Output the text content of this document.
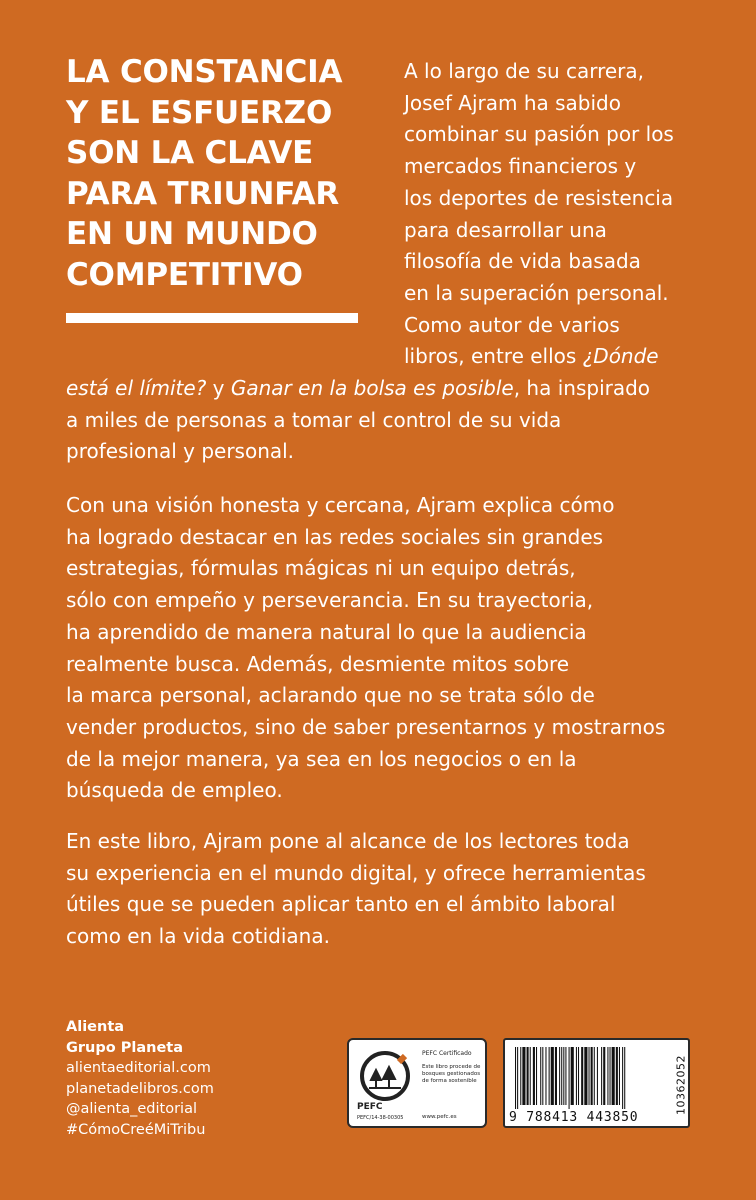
LA CONSTANCIA
Y EL ESFUERZO
SON LA CLAVE
PARA TRIUNFAR
EN UN MUNDO
COMPETITIVO
A lo largo de su carrera,
Josef Ajram ha sabido
combinar su pasión por los
mercados financieros y
los deportes de resistencia
para desarrollar una
filosofía de vida basada
en la superación personal.
Como autor de varios
libros, entre ellos ¿Dónde
está el límite? y Ganar en la bolsa es posible, ha inspirado
a miles de personas a tomar el control de su vida
profesional y personal.
Con una visión honesta y cercana, Ajram explica cómo
ha logrado destacar en las redes sociales sin grandes
estrategias, fórmulas mágicas ni un equipo detrás,
sólo con empeño y perseverancia. En su trayectoria,
ha aprendido de manera natural lo que la audiencia
realmente busca. Además, desmiente mitos sobre
la marca personal, aclarando que no se trata sólo de
vender productos, sino de saber presentarnos y mostrarnos
de la mejor manera, ya sea en los negocios o en la
búsqueda de empleo.
En este libro, Ajram pone al alcance de los lectores toda
su experiencia en el mundo digital, y ofrece herramientas
útiles que se pueden aplicar tanto en el ámbito laboral
como en la vida cotidiana.
Alienta
Grupo Planeta
alientaeditorial.com
planetadelibros.com
@alienta_editorial
#CómoCreéMiTribu
PEFC
PEFC/14-38-00305
PEFC Certificado
Este libro procede de bosques gestionados de forma sostenible
www.pefc.es	9 788413 443850
10362052
